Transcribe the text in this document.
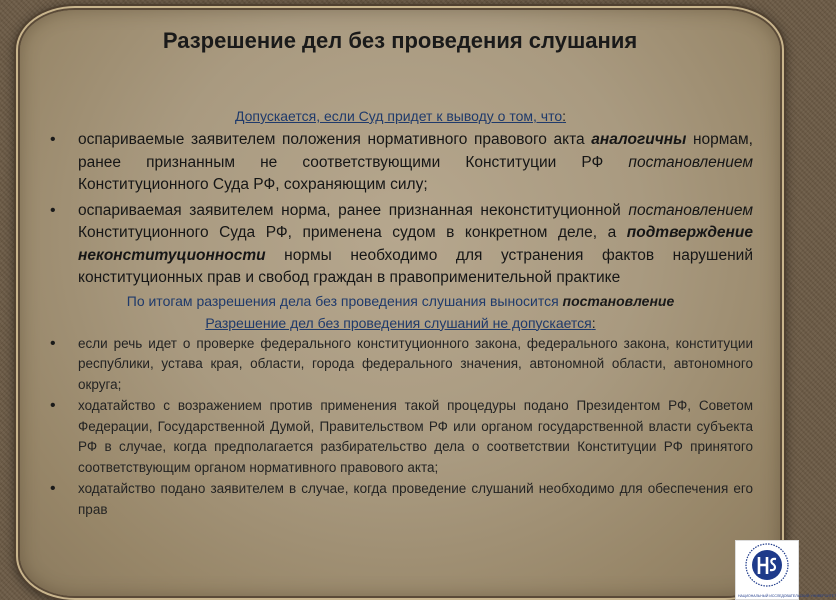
Разрешение дел без проведения слушания
Допускается, если Суд придет к выводу о том, что:
• оспариваемые заявителем положения нормативного правового акта аналогичны нормам, ранее признанным не соответствующими Конституции РФ постановлением Конституционного Суда РФ, сохраняющим силу;
• оспариваемая заявителем норма, ранее признанная неконституционной постановлением Конституционного Суда РФ, применена судом в конкретном деле, а подтверждение неконституционности нормы необходимо для устранения фактов нарушений конституционных прав и свобод граждан в правоприменительной практике
По итогам разрешения дела без проведения слушания выносится постановление
Разрешение дел без проведения слушаний не допускается:
• если речь идет о проверке федерального конституционного закона, федерального закона, конституции республики, устава края, области, города федерального значения, автономной области, автономного округа;
• ходатайство с возражением против применения такой процедуры подано Президентом РФ, Советом Федерации, Государственной Думой, Правительством РФ или органом государственной власти субъекта РФ в случае, когда предполагается разбирательство дела о соответствии Конституции РФ принятого соответствующим органом нормативного правового акта;
• ходатайство подано заявителем в случае, когда проведение слушаний необходимо для обеспечения его прав
НАЦИОНАЛЬНЫЙ ИССЛЕДОВАТЕЛЬСКИЙ УНИВЕРСИТЕТ
